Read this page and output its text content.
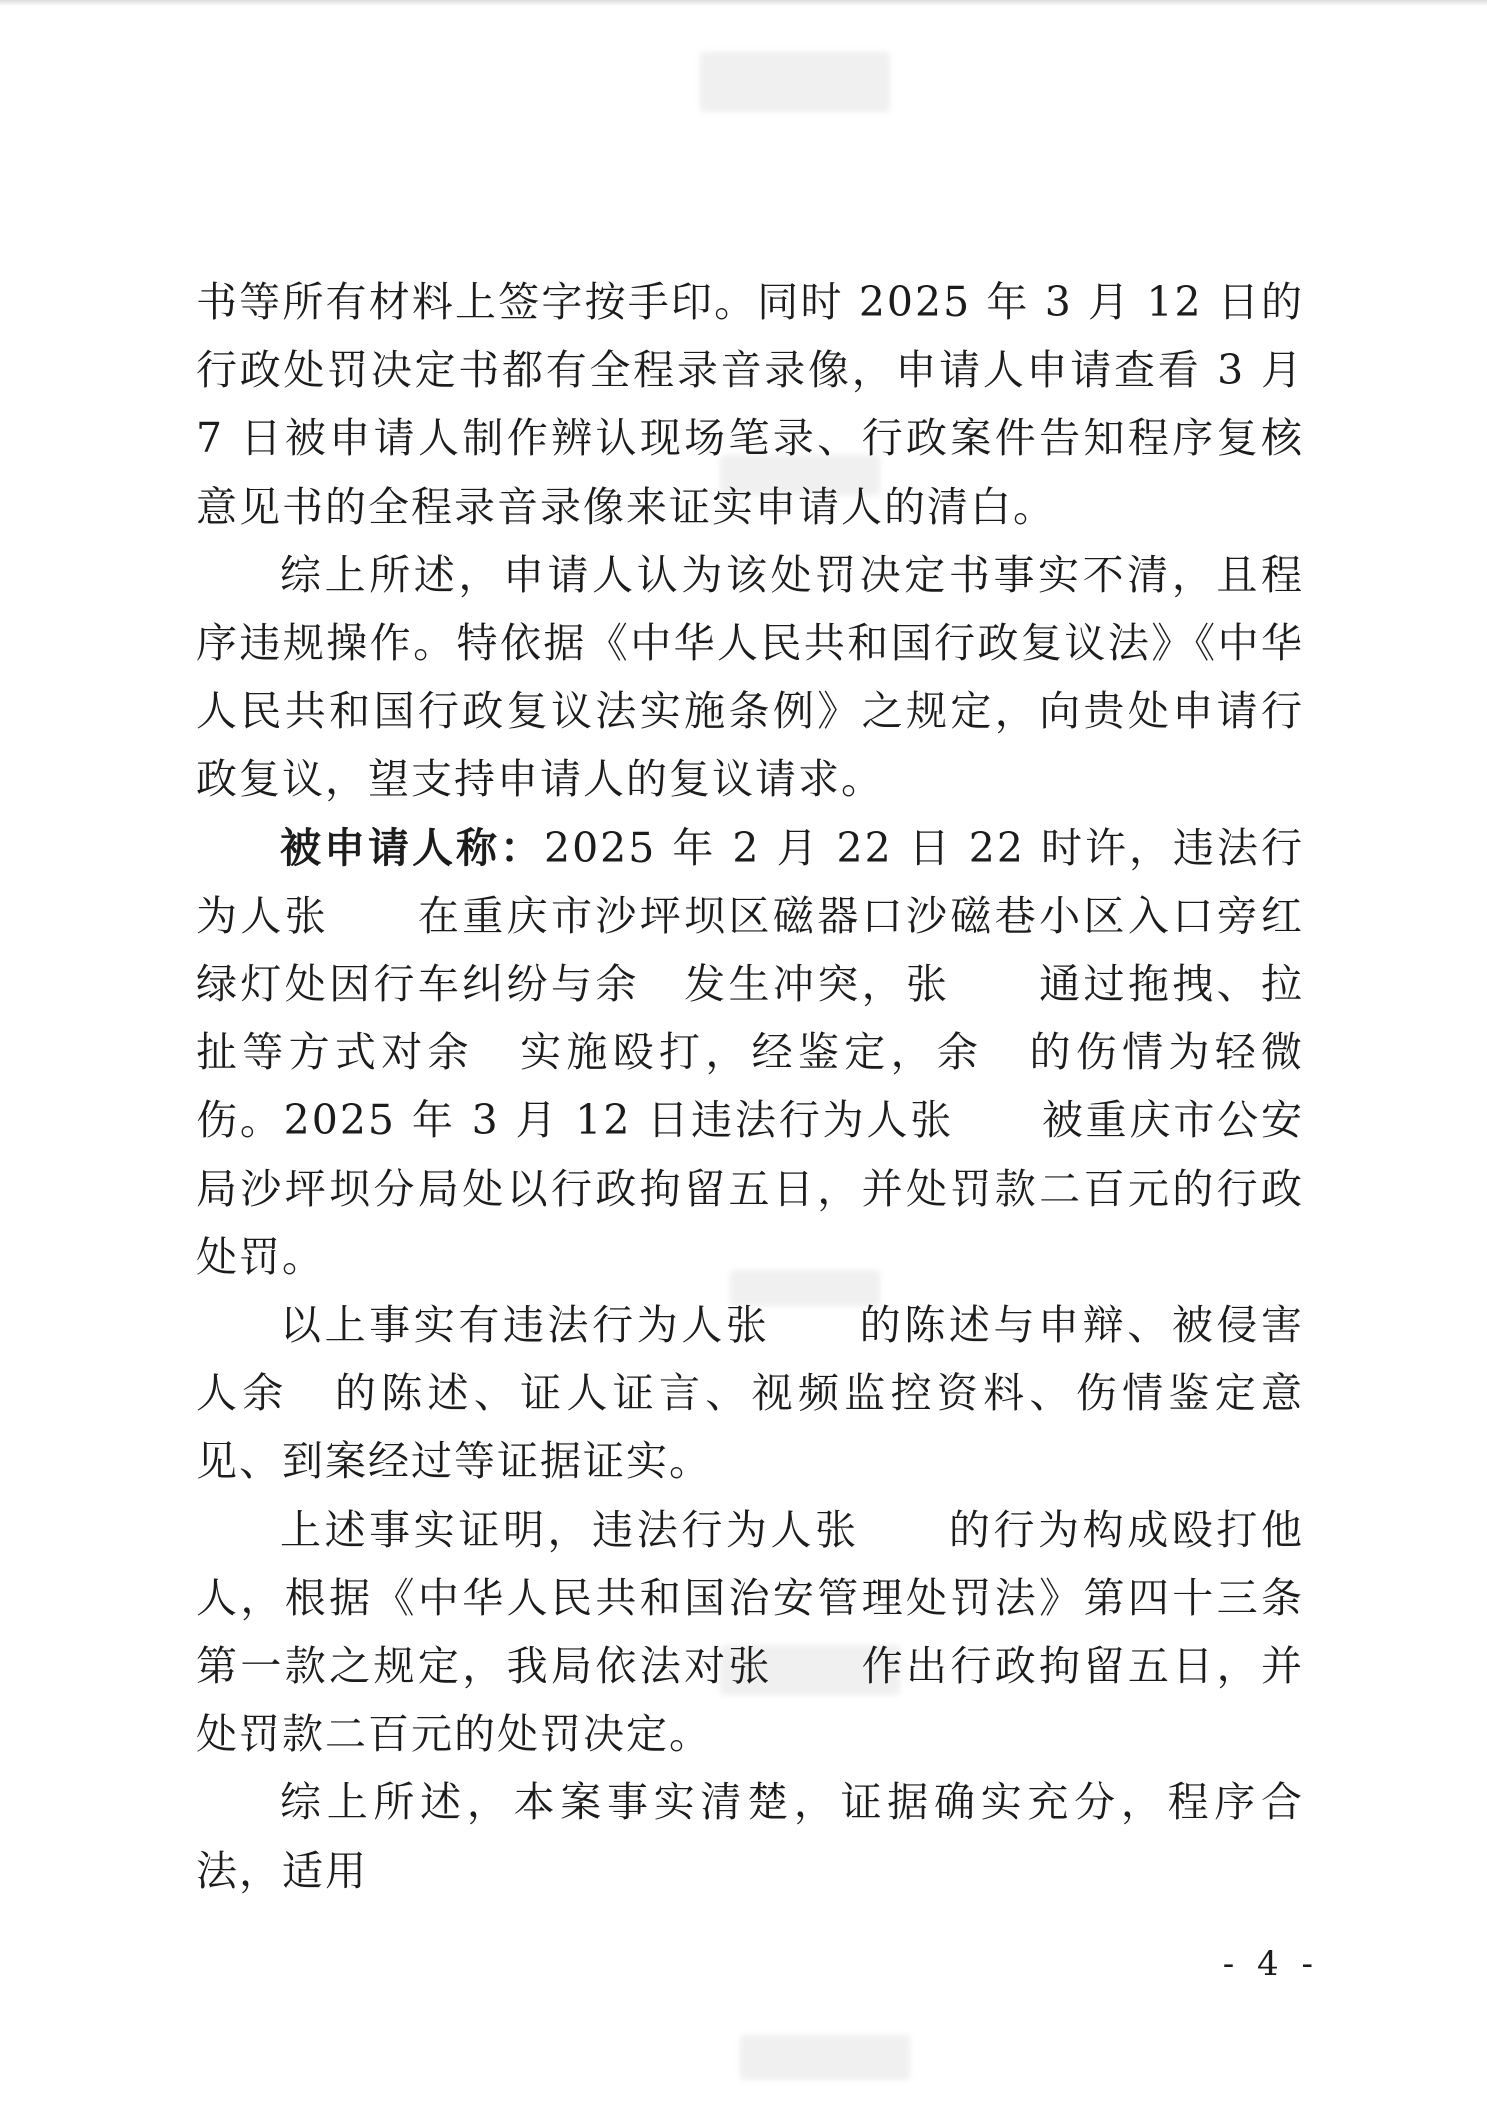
书等所有材料上签字按手印。同时 2025 年 3 月 12 日的行政处罚决定书都有全程录音录像，申请人申请查看 3 月 7 日被申请人制作辨认现场笔录、行政案件告知程序复核意见书的全程录音录像来证实申请人的清白。

综上所述，申请人认为该处罚决定书事实不清，且程序违规操作。特依据《中华人民共和国行政复议法》《中华人民共和国行政复议法实施条例》之规定，向贵处申请行政复议，望支持申请人的复议请求。

被申请人称：2025 年 2 月 22 日 22 时许，违法行为人张　　在重庆市沙坪坝区磁器口沙磁巷小区入口旁红绿灯处因行车纠纷与余　发生冲突，张　　通过拖拽、拉扯等方式对余　实施殴打，经鉴定，余　的伤情为轻微伤。2025 年 3 月 12 日违法行为人张　　被重庆市公安局沙坪坝分局处以行政拘留五日，并处罚款二百元的行政处罚。

以上事实有违法行为人张　　的陈述与申辩、被侵害人余　的陈述、证人证言、视频监控资料、伤情鉴定意见、到案经过等证据证实。

上述事实证明，违法行为人张　　的行为构成殴打他人，根据《中华人民共和国治安管理处罚法》第四十三条第一款之规定，我局依法对张　　作出行政拘留五日，并处罚款二百元的处罚决定。

综上所述，本案事实清楚，证据确实充分，程序合法，适用

- 4 -
